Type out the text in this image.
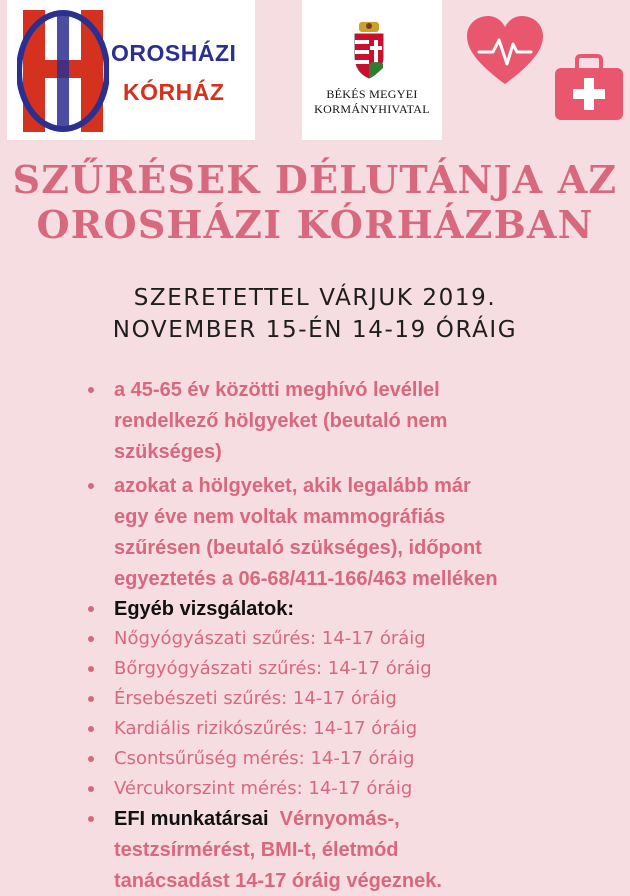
OROSHÁZI
KÓRHÁZ	BÉKÉS MEGYEI
KORMÁNYHIVATAL
SZŰRÉSEK DÉLUTÁNJA AZ
OROSHÁZI KÓRHÁZBAN
SZERETETTEL VÁRJUK 2019.
NOVEMBER 15-ÉN 14-19 ÓRÁIG
a 45-65 év közötti meghívó levéllel
rendelkező hölgyeket (beutaló nem
szükséges)
azokat a hölgyeket, akik legalább már
egy éve nem voltak mammográfiás
szűrésen (beutaló szükséges), időpont
egyeztetés a 06-68/411-166/463 melléken
Egyéb vizsgálatok:
Nőgyógyászati szűrés: 14-17 óráig
Bőrgyógyászati szűrés: 14-17 óráig
Érsebészeti szűrés: 14-17 óráig
Kardiális rizikószűrés: 14-17 óráig
Csontsűrűség mérés: 14-17 óráig
Vércukorszint mérés: 14-17 óráig
EFI munkatársai Vérnyomás-,
testzsírmérést, BMI-t, életmód
tanácsadást 14-17 óráig végeznek.
